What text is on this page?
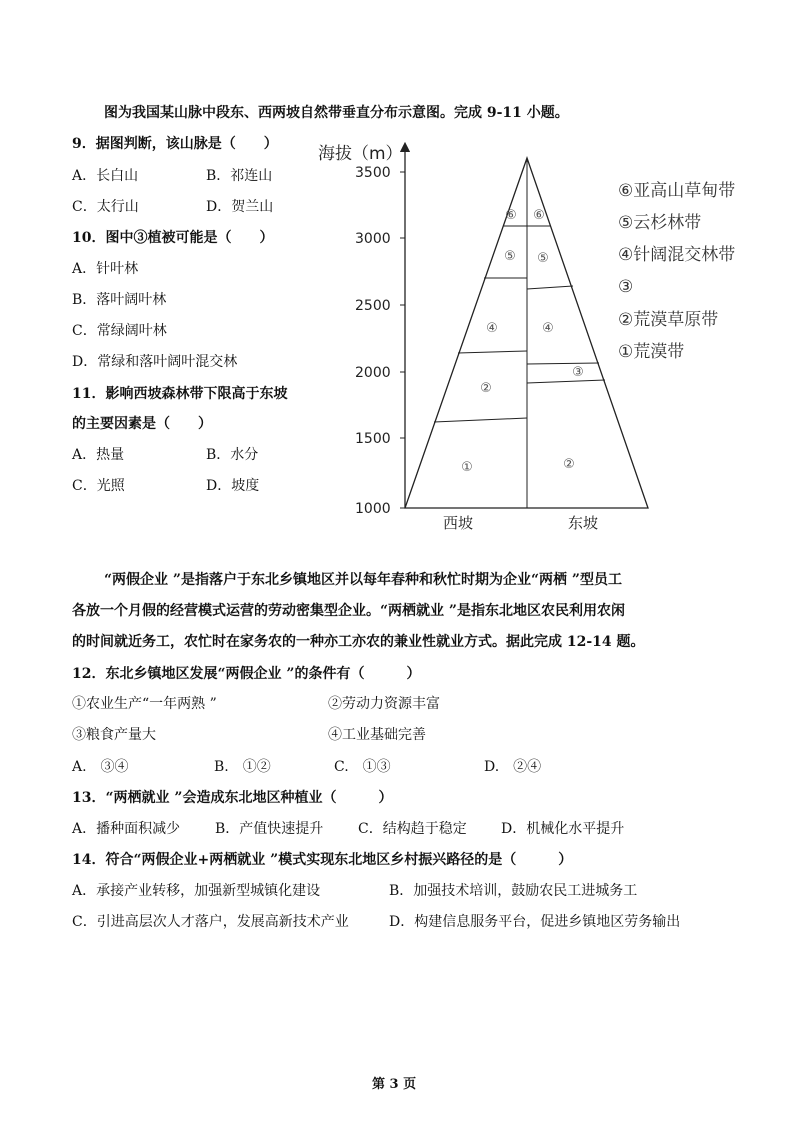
图为我国某山脉中段东、西两坡自然带垂直分布示意图。完成 9-11 小题。
9．据图判断，该山脉是（　　）
A．长白山	B．祁连山
C．太行山	D．贺兰山
10．图中③植被可能是（　　）
A．针叶林
B．落叶阔叶林
C．常绿阔叶林
D．常绿和落叶阔叶混交林
11．影响西坡森林带下限高于东坡
的主要因素是（　　）
A．热量	B．水分
C．光照	D．坡度
海拔（m）
3500
3000
2500
2000
1500
1000
⑥
⑤
④
②
①
⑥
⑤
④
③
②
西坡	东坡
⑥亚高山草甸带
⑤云杉林带
④针阔混交林带
③
②荒漠草原带
①荒漠带
“两假企业 ”是指落户于东北乡镇地区并以每年春种和秋忙时期为企业“两栖 ”型员工
各放一个月假的经营模式运营的劳动密集型企业。“两栖就业 ”是指东北地区农民利用农闲
的时间就近务工，农忙时在家务农的一种亦工亦农的兼业性就业方式。据此完成 12-14 题。
12．东北乡镇地区发展“两假企业 ”的条件有（　　　）
①农业生产“一年两熟 ”	②劳动力资源丰富
③粮食产量大	④工业基础完善
A.　③④	B.　①②	C.　①③	D.　②④
13．“两栖就业 ”会造成东北地区种植业（　　　）
A．播种面积减少 B．产值快速提升 C．结构趋于稳定 D．机械化水平提升
14．符合“两假企业+两栖就业 ”模式实现东北地区乡村振兴路径的是（　　　）
A．承接产业转移，加强新型城镇化建设	B．加强技术培训，鼓励农民工进城务工
C．引进高层次人才落户，发展高新技术产业	D．构建信息服务平台，促进乡镇地区劳务输出
第 3 页
